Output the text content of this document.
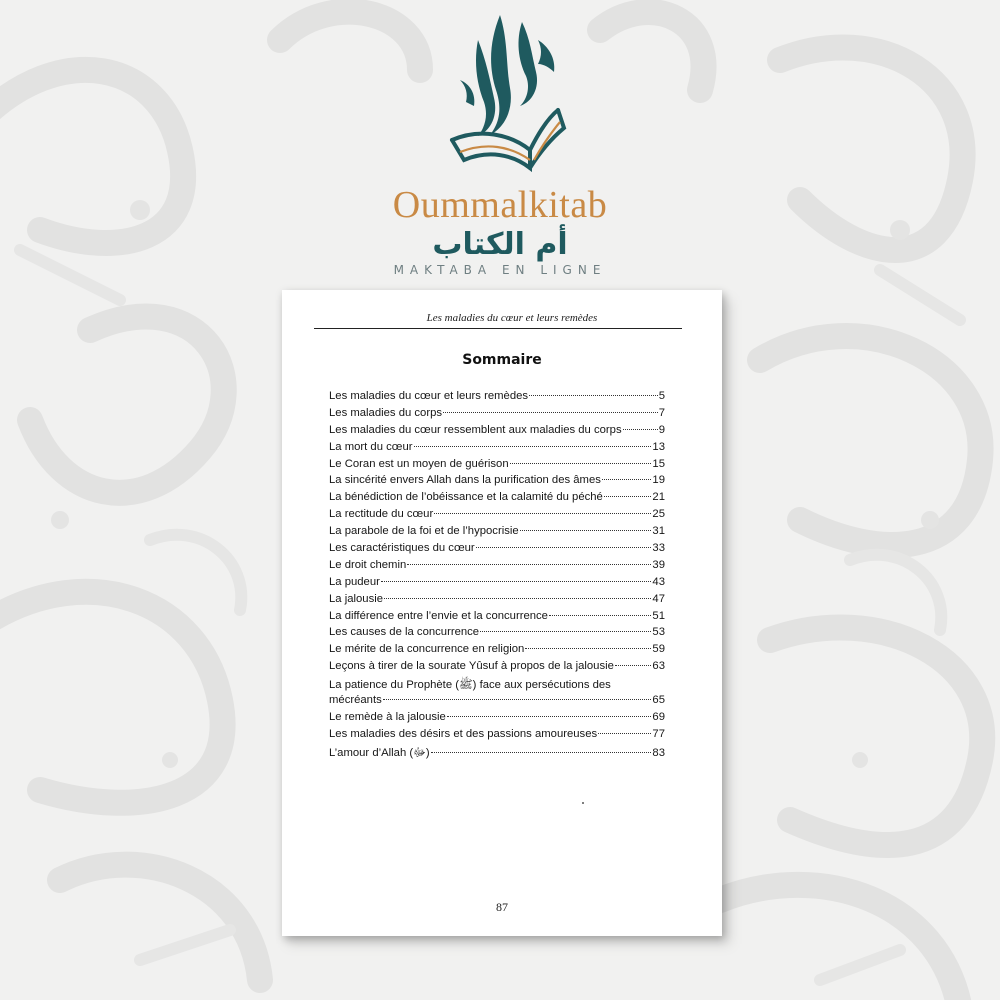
Oummalkitab
أم الكتاب
MAKTABA EN LIGNE
Les maladies du cœur et leurs remèdes
Sommaire
Les maladies du cœur et leurs remèdes	5
Les maladies du corps	7
Les maladies du cœur ressemblent aux maladies du corps	9
La mort du cœur	13
Le Coran est un moyen de guérison	15
La sincérité envers Allah dans la purification des âmes	19
La bénédiction de l’obéissance et la calamité du péché	21
La rectitude du cœur	25
La parabole de la foi et de l’hypocrisie	31
Les caractéristiques du cœur	33
Le droit chemin	39
La pudeur	43
La jalousie	47
La différence entre l’envie et la concurrence	51
Les causes de la concurrence	53
Le mérite de la concurrence en religion	59
Leçons à tirer de la sourate Yûsuf à propos de la jalousie	63
La patience du Prophète (ﷺ) face aux persécutions des
mécréants	65
Le remède à la jalousie	69
Les maladies des désirs et des passions amoureuses	77
L’amour d’Allah (ﷻ)	83
87
